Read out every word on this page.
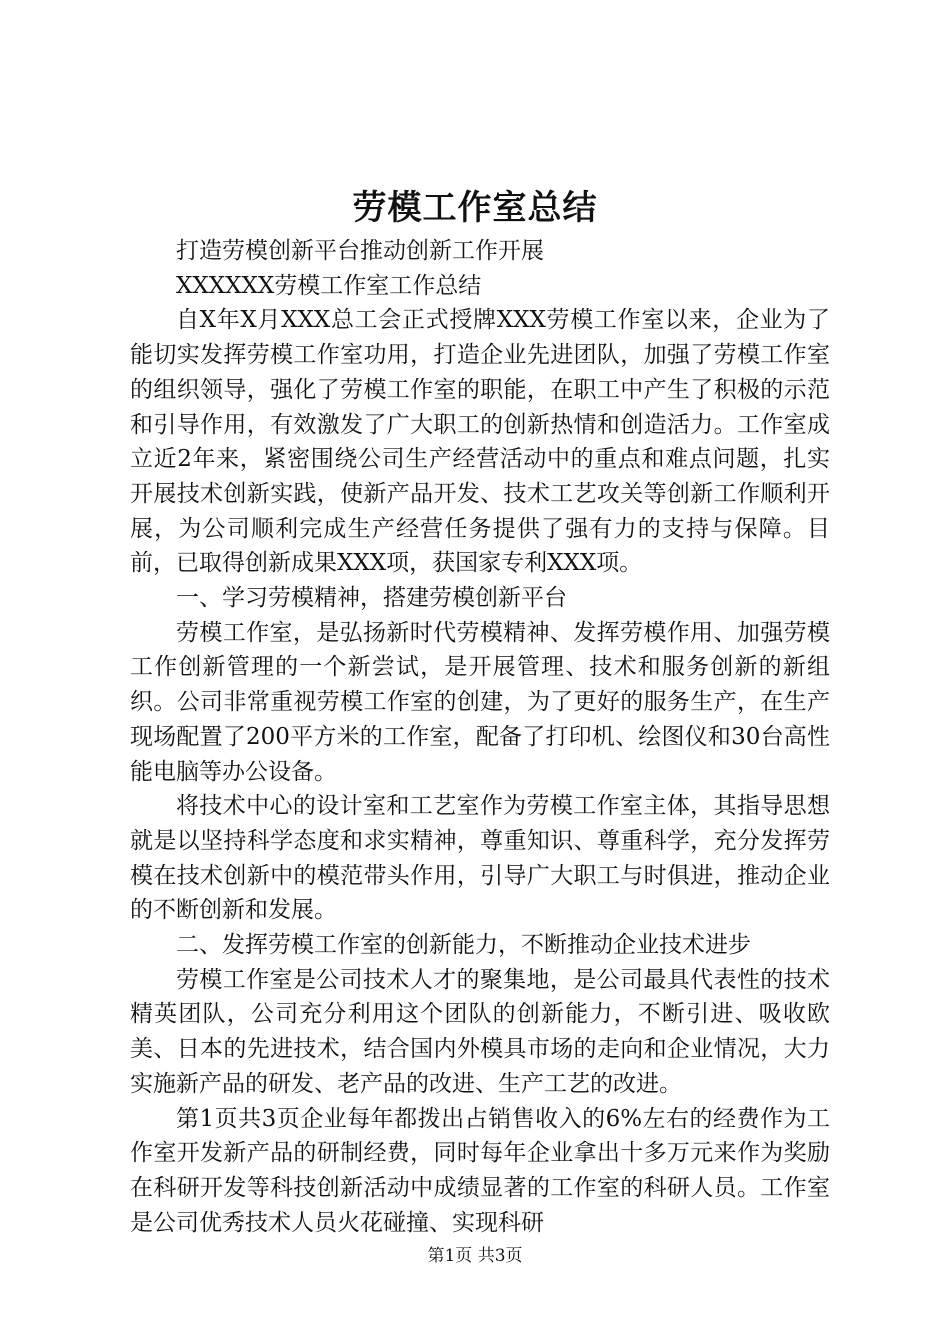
劳模工作室总结

打造劳模创新平台推动创新工作开展

XXXXXX劳模工作室工作总结

自X年X月XXX总工会正式授牌XXX劳模工作室以来，企业为了能切实发挥劳模工作室功用，打造企业先进团队，加强了劳模工作室的组织领导，强化了劳模工作室的职能，在职工中产生了积极的示范和引导作用，有效激发了广大职工的创新热情和创造活力。工作室成立近2年来，紧密围绕公司生产经营活动中的重点和难点问题，扎实开展技术创新实践，使新产品开发、技术工艺攻关等创新工作顺利开展，为公司顺利完成生产经营任务提供了强有力的支持与保障。目前，已取得创新成果XXX项，获国家专利XXX项。

一、学习劳模精神，搭建劳模创新平台

劳模工作室，是弘扬新时代劳模精神、发挥劳模作用、加强劳模工作创新管理的一个新尝试，是开展管理、技术和服务创新的新组织。公司非常重视劳模工作室的创建，为了更好的服务生产，在生产现场配置了200平方米的工作室，配备了打印机、绘图仪和30台高性能电脑等办公设备。

将技术中心的设计室和工艺室作为劳模工作室主体，其指导思想就是以坚持科学态度和求实精神，尊重知识、尊重科学，充分发挥劳模在技术创新中的模范带头作用，引导广大职工与时俱进，推动企业的不断创新和发展。

二、发挥劳模工作室的创新能力，不断推动企业技术进步

劳模工作室是公司技术人才的聚集地，是公司最具代表性的技术精英团队，公司充分利用这个团队的创新能力，不断引进、吸收欧美、日本的先进技术，结合国内外模具市场的走向和企业情况，大力实施新产品的研发、老产品的改进、生产工艺的改进。

第1页共3页企业每年都拨出占销售收入的6%左右的经费作为工作室开发新产品的研制经费，同时每年企业拿出十多万元来作为奖励在科研开发等科技创新活动中成绩显著的工作室的科研人员。工作室是公司优秀技术人员火花碰撞、实现科研

第1页 共3页
